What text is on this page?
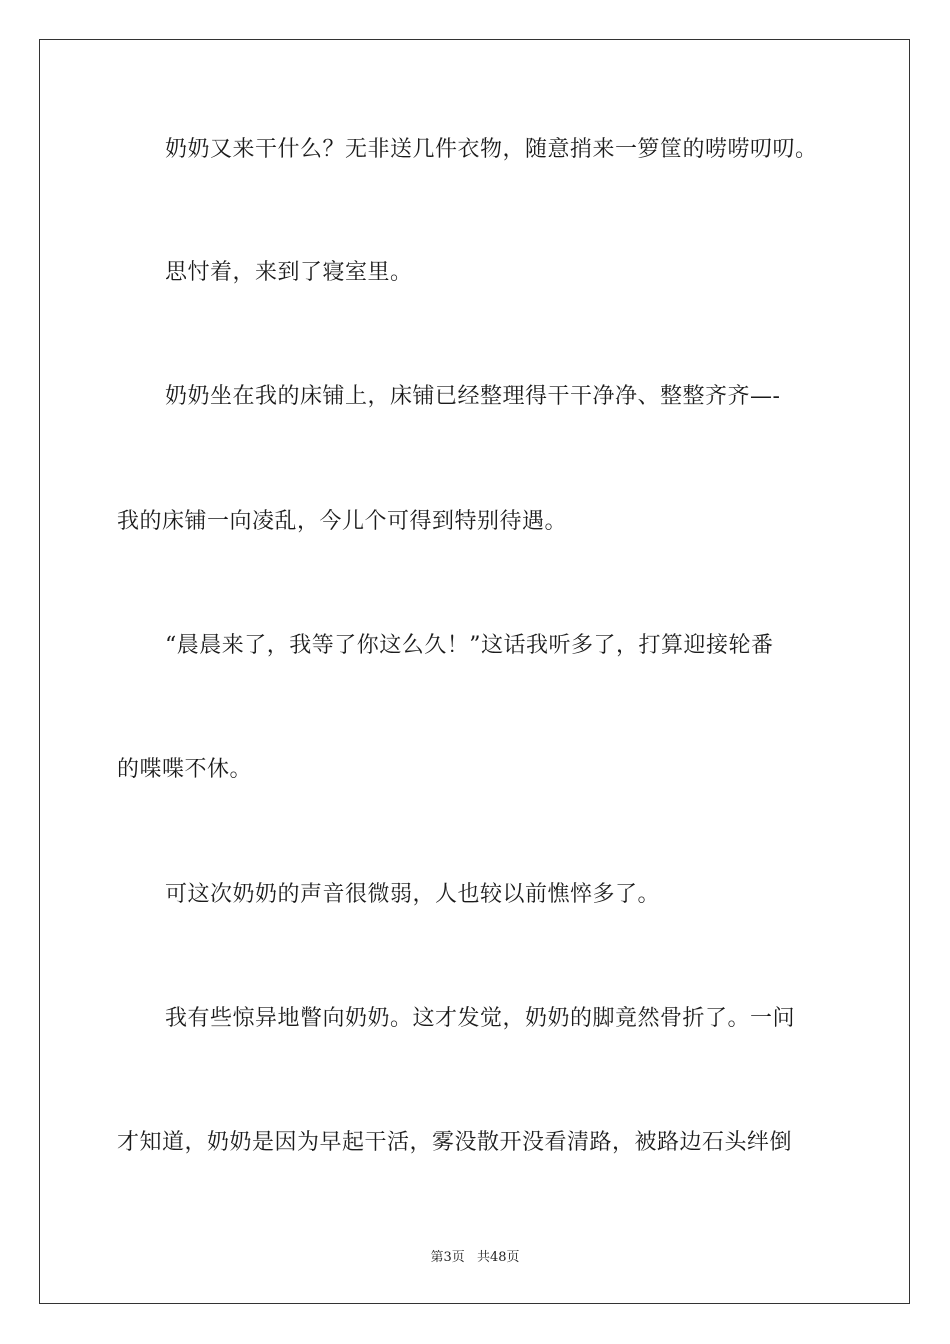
奶奶又来干什么？无非送几件衣物，随意捎来一箩筐的唠唠叨叨。
思忖着，来到了寝室里。
奶奶坐在我的床铺上，床铺已经整理得干干净净、整整齐齐—-
我的床铺一向凌乱，今儿个可得到特别待遇。
“晨晨来了，我等了你这么久！”这话我听多了，打算迎接轮番
的喋喋不休。
可这次奶奶的声音很微弱，人也较以前憔悴多了。
我有些惊异地瞥向奶奶。这才发觉，奶奶的脚竟然骨折了。一问
才知道，奶奶是因为早起干活，雾没散开没看清路，被路边石头绊倒
第3页 共48页
